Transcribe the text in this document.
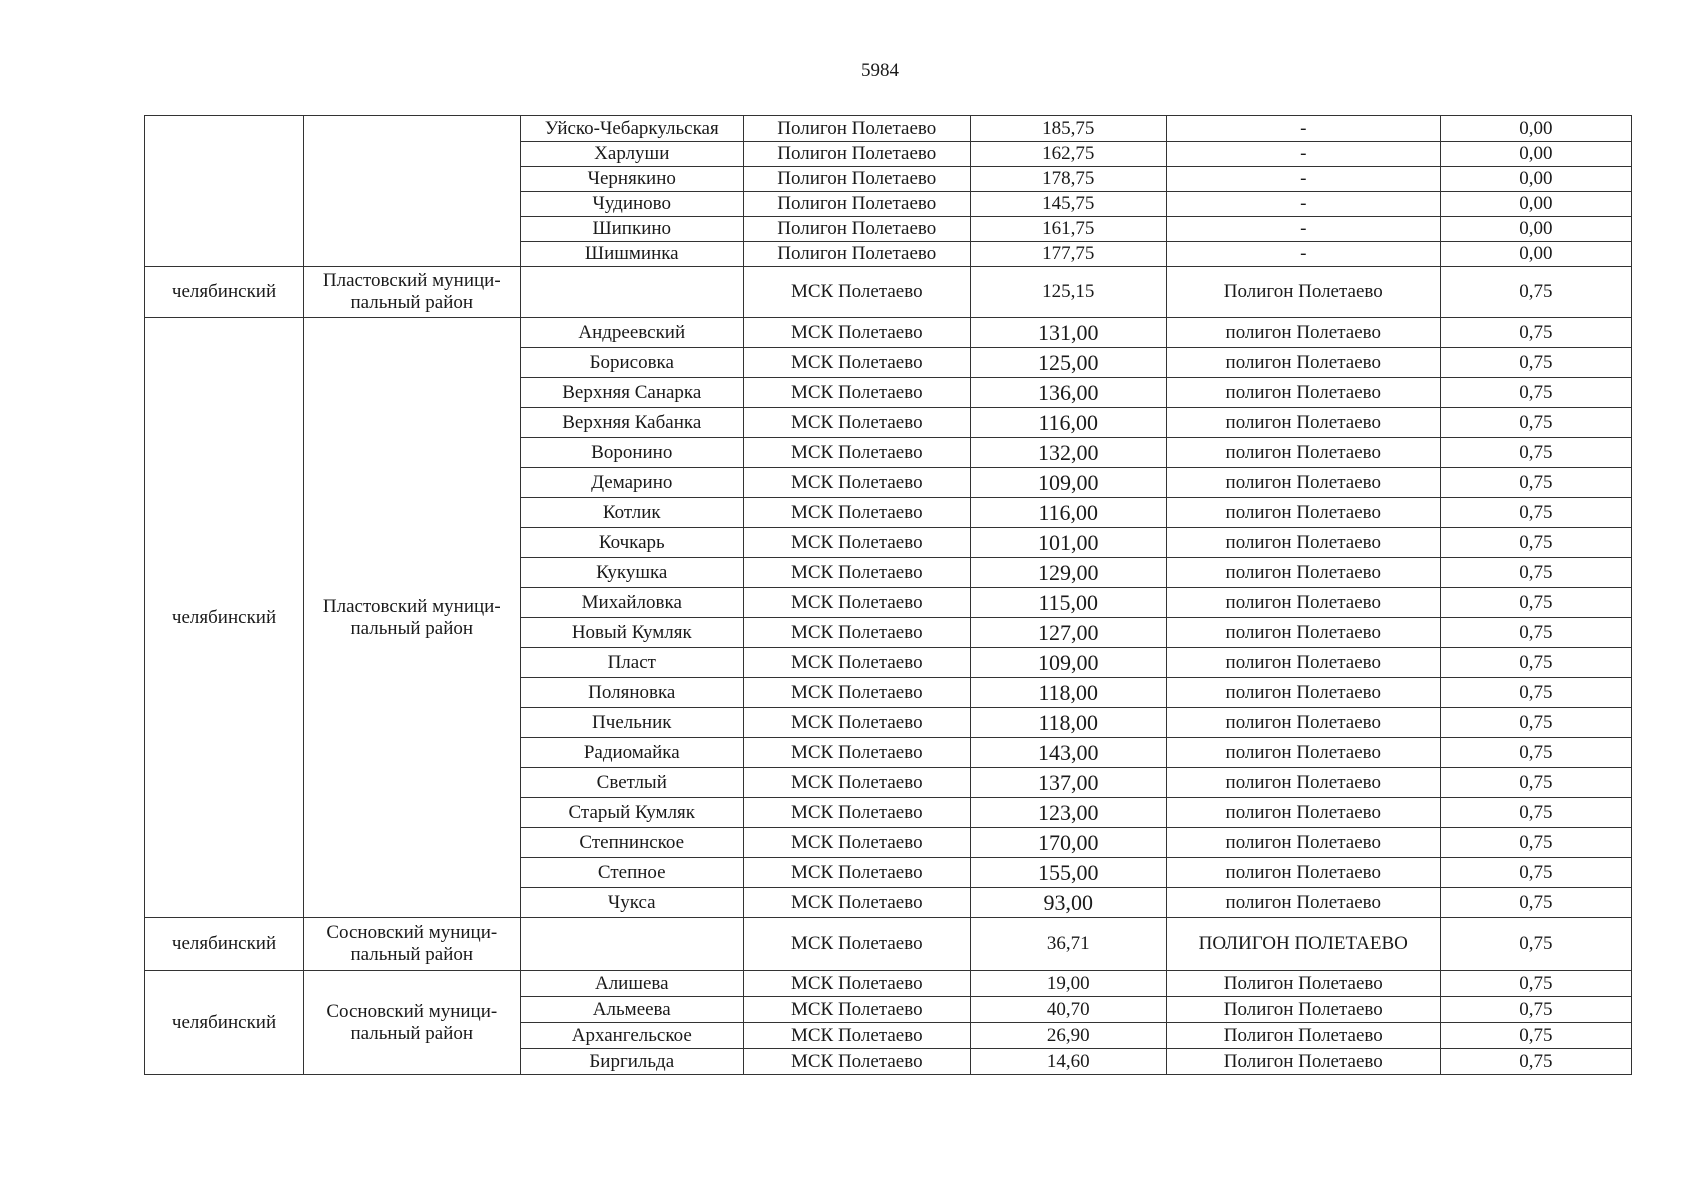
5984
		Уйско-Чебаркульская	Полигон Полетаево	185,75	-	0,00
		Харлуши	Полигон Полетаево	162,75	-	0,00
		Чернякино	Полигон Полетаево	178,75	-	0,00
		Чудиново	Полигон Полетаево	145,75	-	0,00
		Шипкино	Полигон Полетаево	161,75	-	0,00
		Шишминка	Полигон Полетаево	177,75	-	0,00
челябинский	Пластовский муници-пальный район		МСК Полетаево	125,15	Полигон Полетаево	0,75
челябинский	Пластовский муници-пальный район	Андреевский	МСК Полетаево	131,00	полигон Полетаево	0,75
		Борисовка	МСК Полетаево	125,00	полигон Полетаево	0,75
		Верхняя Санарка	МСК Полетаево	136,00	полигон Полетаево	0,75
		Верхняя Кабанка	МСК Полетаево	116,00	полигон Полетаево	0,75
		Воронино	МСК Полетаево	132,00	полигон Полетаево	0,75
		Демарино	МСК Полетаево	109,00	полигон Полетаево	0,75
		Котлик	МСК Полетаево	116,00	полигон Полетаево	0,75
		Кочкарь	МСК Полетаево	101,00	полигон Полетаево	0,75
		Кукушка	МСК Полетаево	129,00	полигон Полетаево	0,75
		Михайловка	МСК Полетаево	115,00	полигон Полетаево	0,75
		Новый Кумляк	МСК Полетаево	127,00	полигон Полетаево	0,75
		Пласт	МСК Полетаево	109,00	полигон Полетаево	0,75
		Поляновка	МСК Полетаево	118,00	полигон Полетаево	0,75
		Пчельник	МСК Полетаево	118,00	полигон Полетаево	0,75
		Радиомайка	МСК Полетаево	143,00	полигон Полетаево	0,75
		Светлый	МСК Полетаево	137,00	полигон Полетаево	0,75
		Старый Кумляк	МСК Полетаево	123,00	полигон Полетаево	0,75
		Степнинское	МСК Полетаево	170,00	полигон Полетаево	0,75
		Степное	МСК Полетаево	155,00	полигон Полетаево	0,75
		Чукса	МСК Полетаево	93,00	полигон Полетаево	0,75
челябинский	Сосновский муници-пальный район		МСК Полетаево	36,71	ПОЛИГОН ПОЛЕТАЕВО	0,75
челябинский	Сосновский муници-пальный район	Алишева	МСК Полетаево	19,00	Полигон Полетаево	0,75
		Альмеева	МСК Полетаево	40,70	Полигон Полетаево	0,75
		Архангельское	МСК Полетаево	26,90	Полигон Полетаево	0,75
		Биргильда	МСК Полетаево	14,60	Полигон Полетаево	0,75
